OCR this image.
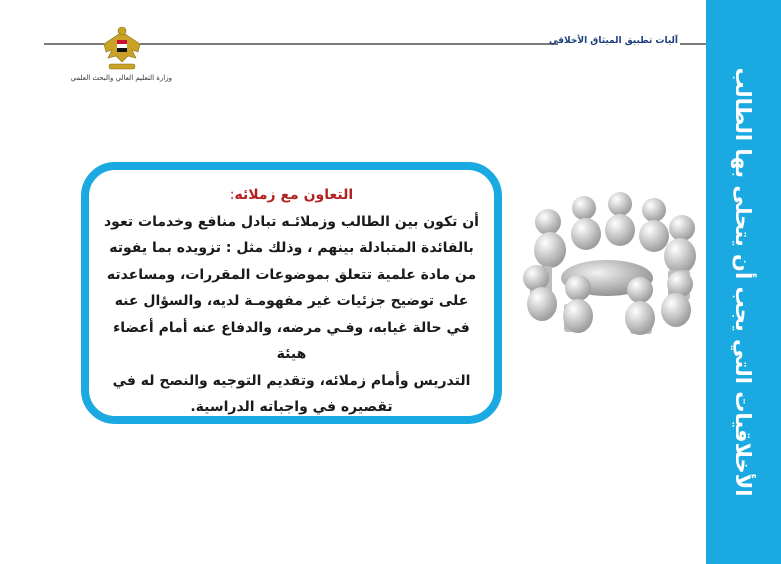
آليات تطبيق الميثاق الأخلاقي
وزارة التعليم العالي والبحث العلمي	الأخلاقيات التي يجب أن يتحلى بها الطالب
التعاون مع زملائه:
أن تكون بين الطالب وزملائـه تبادل منافع وخدمات تعود
بالفائدة المتبادلة بينهم ، وذلك مثل : تزويده بما يفوته
من مادة علمية تتعلق بموضوعات المقررات، ومساعدته
على توضيح جزئيات غير مفهومـة لديه، والسؤال عنه
في حالة غيابه، وفـي مرضه، والدفاع عنه أمام أعضاء هيئة
التدريس وأمام زملائه، وتقديم التوجيه والنصح له في
تقصيره في واجباته الدراسية.
